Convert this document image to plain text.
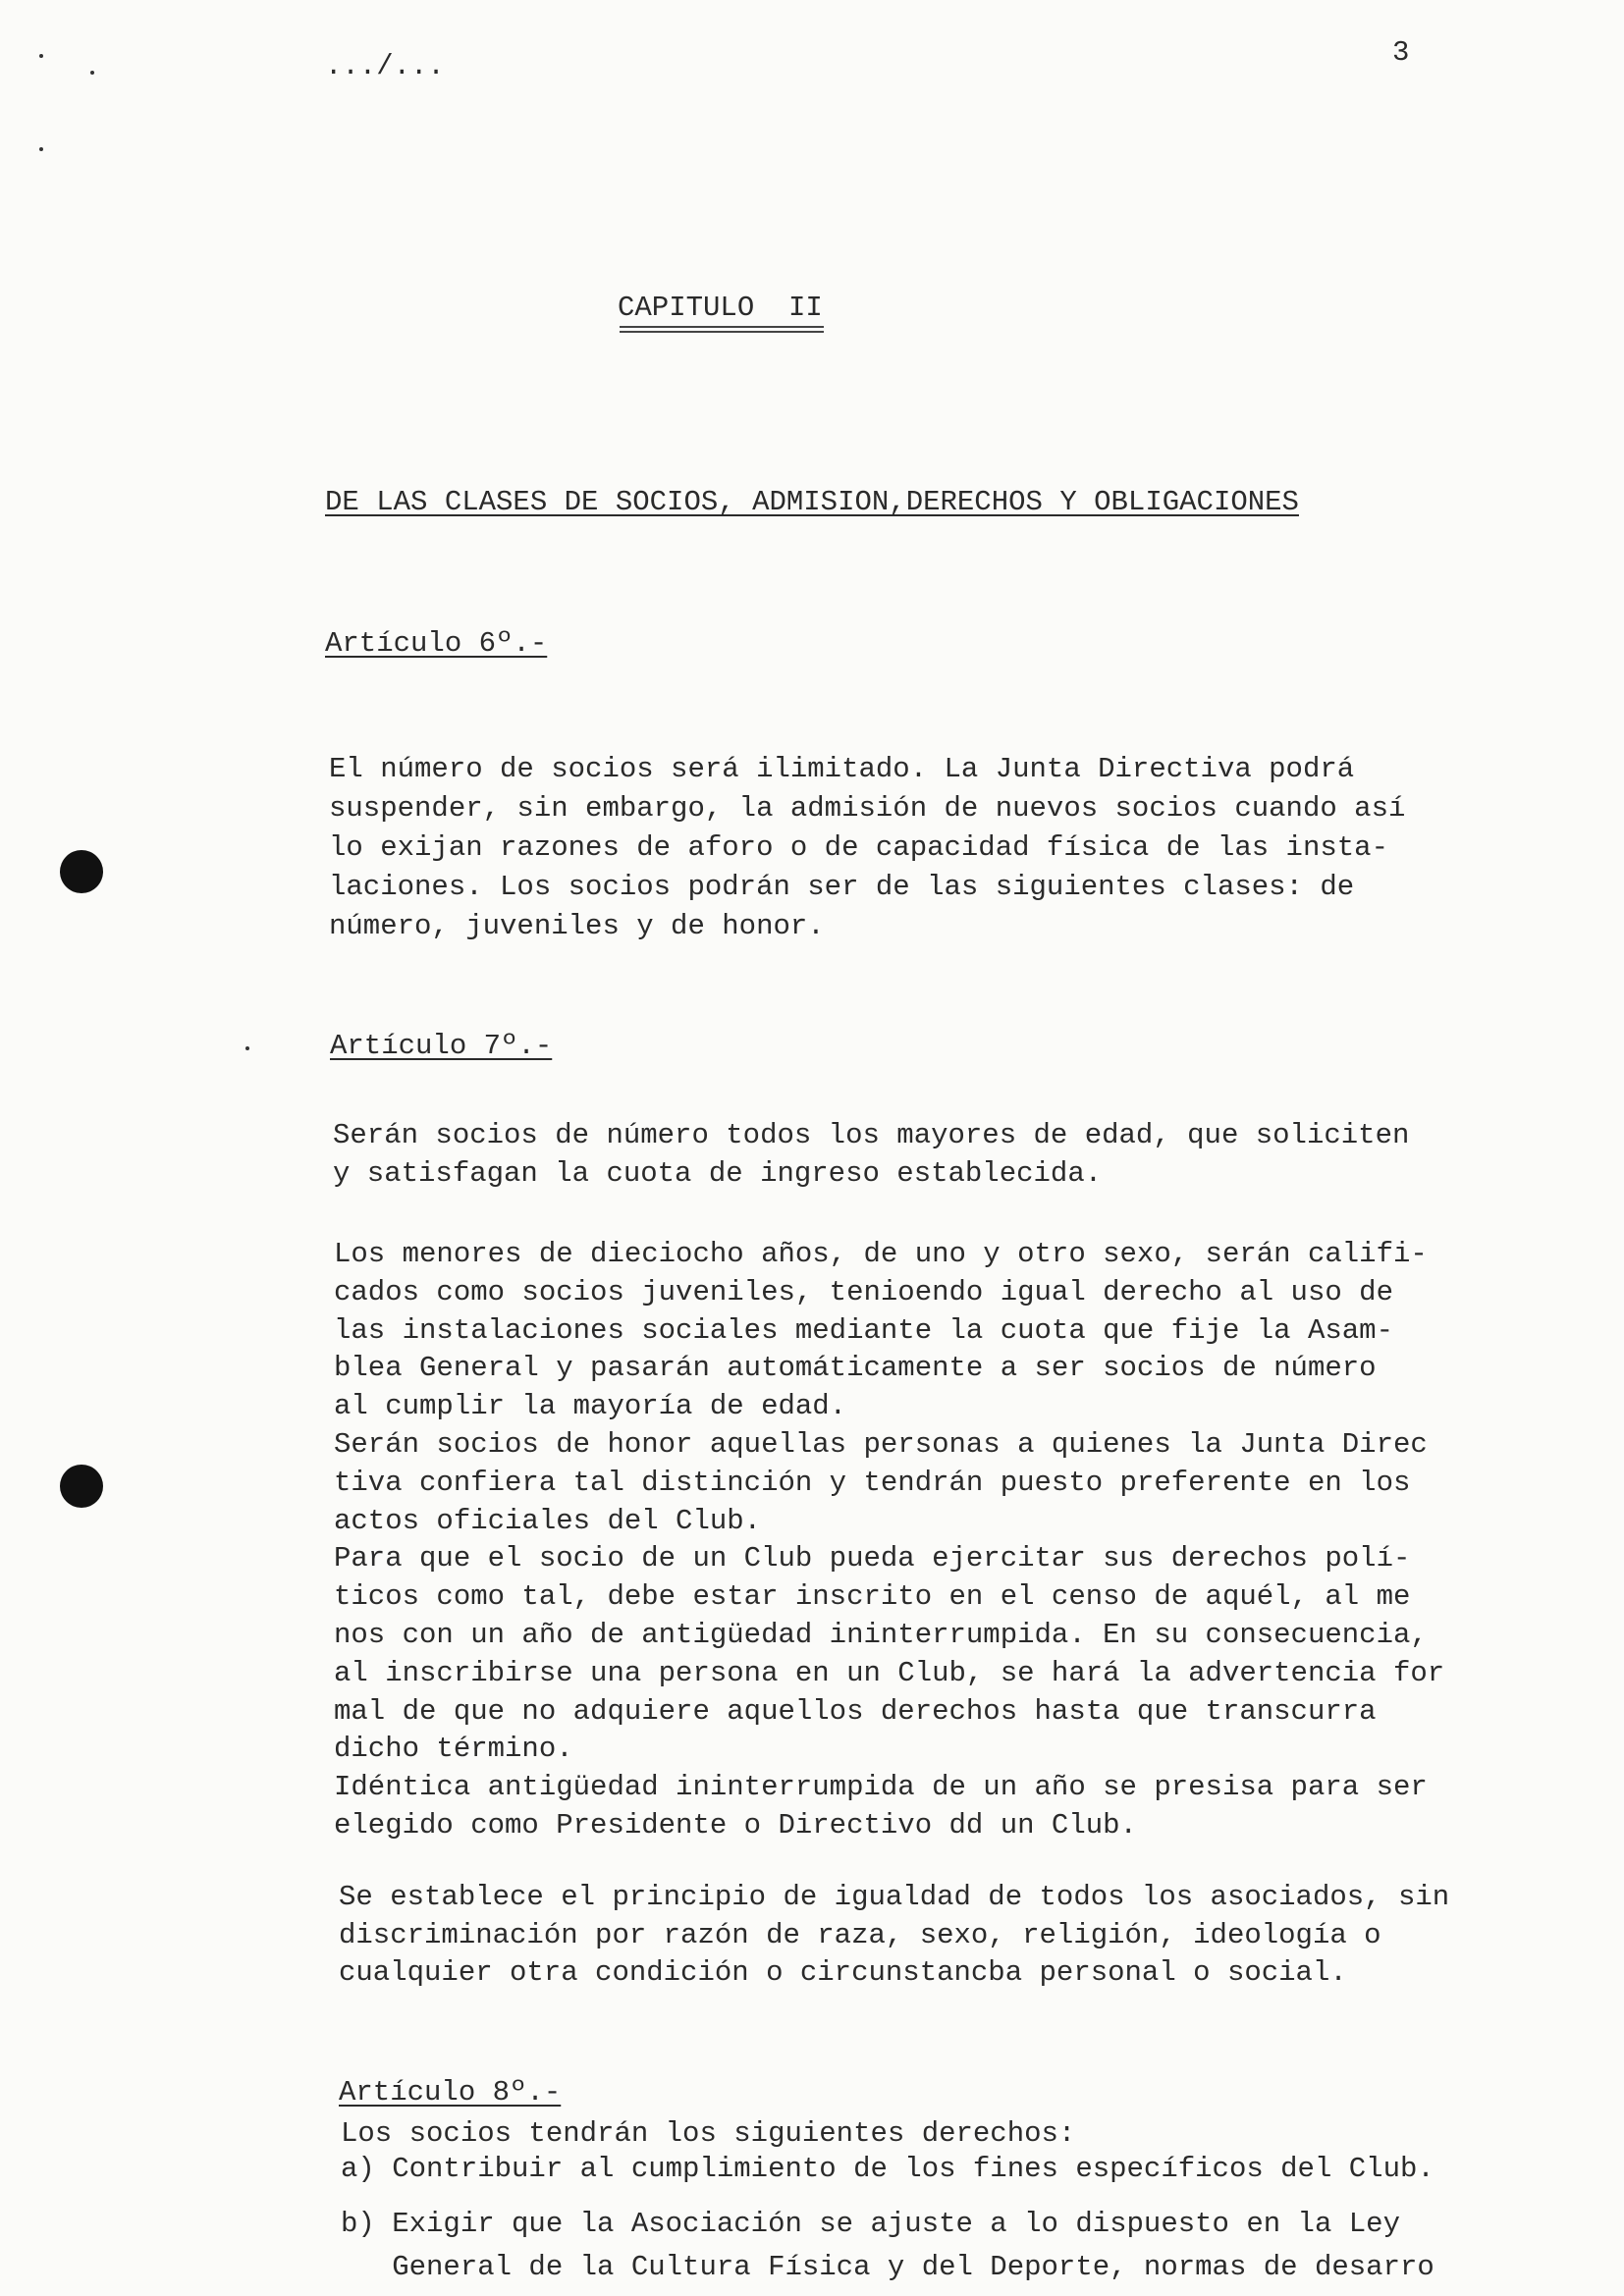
.../...	3
CAPITULO  II
DE LAS CLASES DE SOCIOS, ADMISION,DERECHOS Y OBLIGACIONES
Artículo 6º.-
El número de socios será ilimitado. La Junta Directiva podrá
suspender, sin embargo, la admisión de nuevos socios cuando así
lo exijan razones de aforo o de capacidad física de las insta-
laciones. Los socios podrán ser de las siguientes clases: de
número, juveniles y de honor.
Artículo 7º.-
Serán socios de número todos los mayores de edad, que soliciten
y satisfagan la cuota de ingreso establecida.
Los menores de dieciocho años, de uno y otro sexo, serán califi-
cados como socios juveniles, tenioendo igual derecho al uso de
las instalaciones sociales mediante la cuota que fije la Asam-
blea General y pasarán automáticamente a ser socios de número
al cumplir la mayoría de edad.
Serán socios de honor aquellas personas a quienes la Junta Direc
tiva confiera tal distinción y tendrán puesto preferente en los
actos oficiales del Club.
Para que el socio de un Club pueda ejercitar sus derechos polí-
ticos como tal, debe estar inscrito en el censo de aquél, al me
nos con un año de antigüedad ininterrumpida. En su consecuencia,
al inscribirse una persona en un Club, se hará la advertencia for
mal de que no adquiere aquellos derechos hasta que transcurra
dicho término.
Idéntica antigüedad ininterrumpida de un año se presisa para ser
elegido como Presidente o Directivo dd un Club.
Se establece el principio de igualdad de todos los asociados, sin
discriminación por razón de raza, sexo, religión, ideología o
cualquier otra condición o circunstancba personal o social.
Artículo 8º.-
Los socios tendrán los siguientes derechos:
a) Contribuir al cumplimiento de los fines específicos del Club.
b) Exigir que la Asociación se ajuste a lo dispuesto en la Ley
General de la Cultura Física y del Deporte, normas de desarro
